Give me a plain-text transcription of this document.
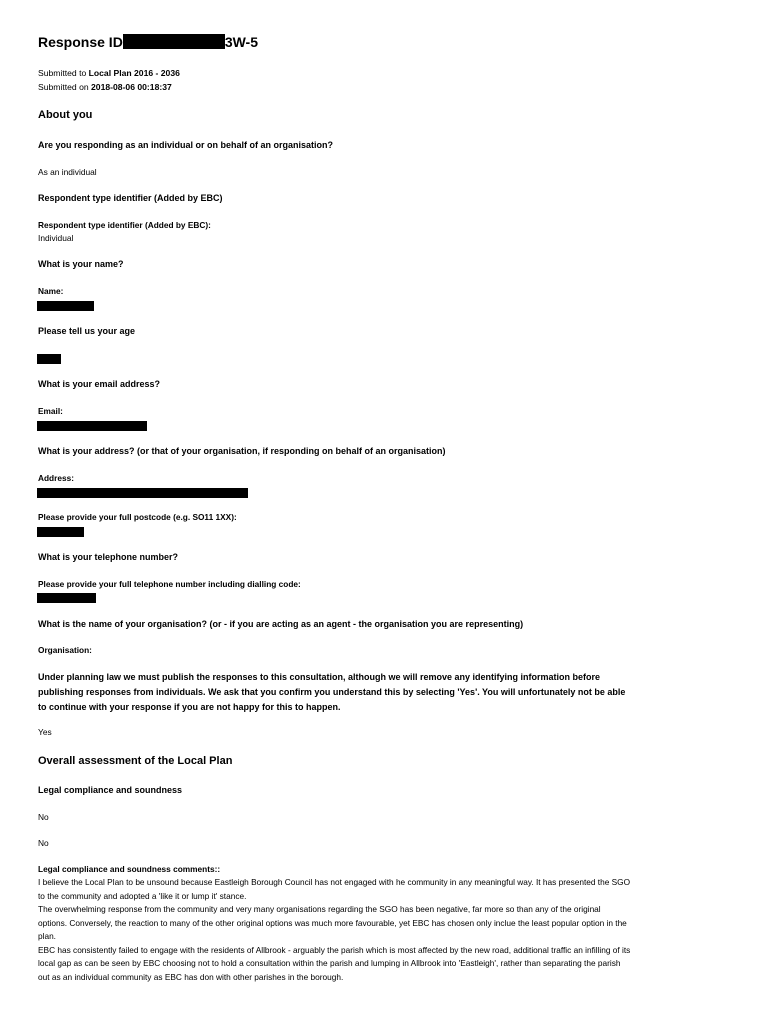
Response ID	3W-5
Submitted to Local Plan 2016 - 2036
Submitted on 2018-08-06 00:18:37
About you
Are you responding as an individual or on behalf of an organisation?
As an individual
Respondent type identifier (Added by EBC)
Respondent type identifier (Added by EBC):
Individual
What is your name?
Name:
Please tell us your age
What is your email address?
Email:
What is your address? (or that of your organisation, if responding on behalf of an organisation)
Address:
Please provide your full postcode (e.g. SO11 1XX):
What is your telephone number?
Please provide your full telephone number including dialling code:
What is the name of your organisation? (or - if you are acting as an agent - the organisation you are representing)
Organisation:
Under planning law we must publish the responses to this consultation, although we will remove any identifying information before
publishing responses from individuals. We ask that you confirm you understand this by selecting 'Yes'. You will unfortunately not be able
to continue with your response if you are not happy for this to happen.
Yes
Overall assessment of the Local Plan
Legal compliance and soundness
No
No
Legal compliance and soundness comments::

I believe the Local Plan to be unsound because Eastleigh Borough Council has not engaged with he community in any meaningful way. It has presented the SGO

to the community and adopted a 'like it or lump it' stance.

The overwhelming response from the community and very many organisations regarding the SGO has been negative, far more so than any of the original

options. Conversely, the reaction to many of the other original options was much more favourable, yet EBC has chosen only inclue the least popular option in the

plan.

EBC has consistently failed to engage with the residents of Allbrook - arguably the parish which is most affected by the new road, additional traffic an infilling of its

local gap as can be seen by EBC choosing not to hold a consultation within the parish and lumping in Allbrook into 'Eastleigh', rather than separating the parish

out as an individual community as EBC has don with other parishes in the borough.
